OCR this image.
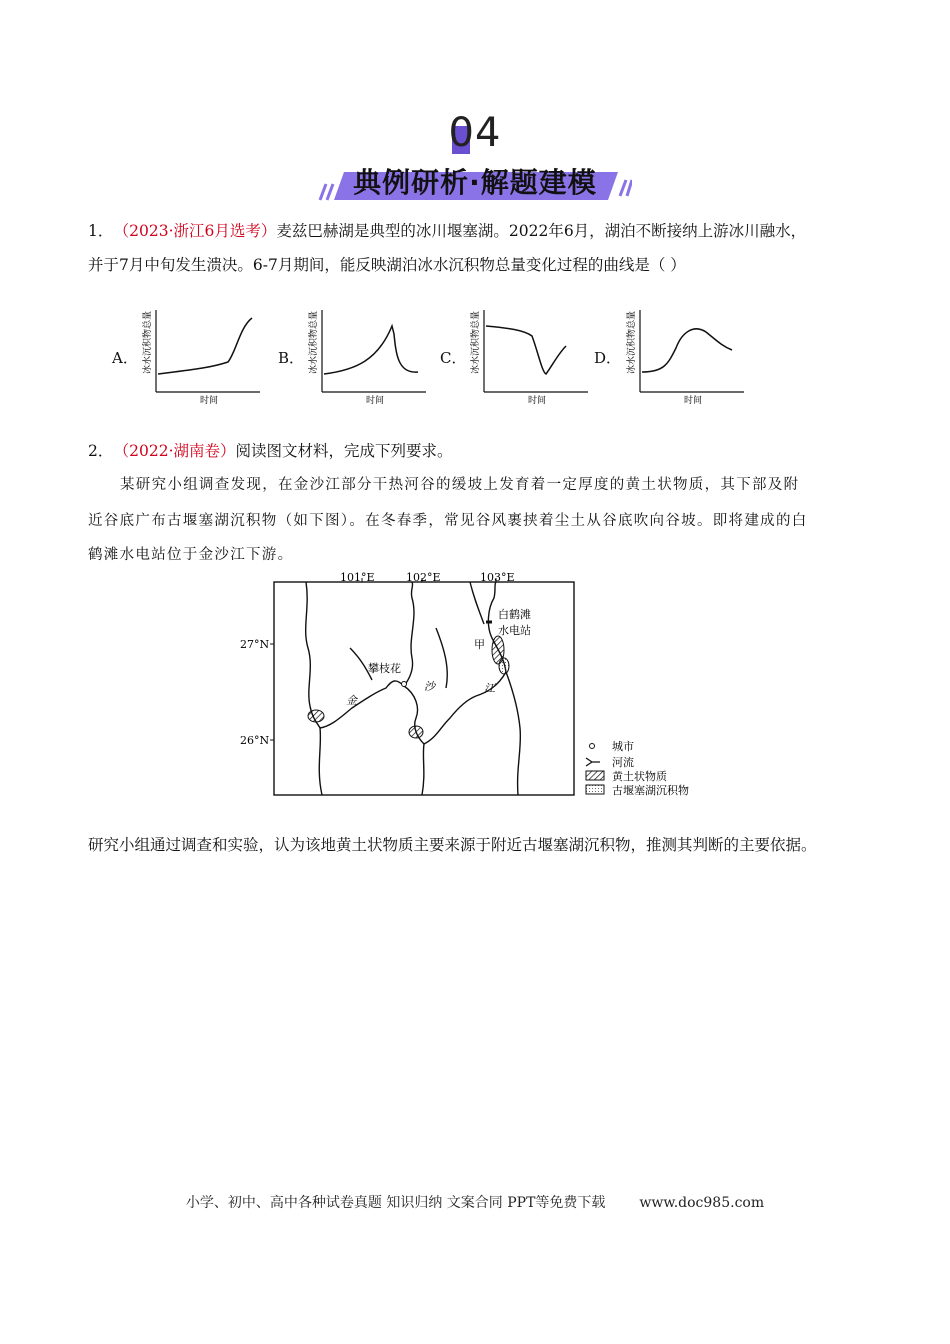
04
典例研析·解题建模
1． （2023·浙江6月选考）麦兹巴赫湖是典型的冰川堰塞湖。2022年6月，湖泊不断接纳上游冰川融水，
并于7月中旬发生溃决。6-7月期间，能反映湖泊冰水沉积物总量变化过程的曲线是（ ）
A． 冰水沉积物总量
时间
B． 冰水沉积物总量
时间
C． 冰水沉积物总量
时间
D． 冰水沉积物总量
时间
2． （2022·湖南卷）阅读图文材料，完成下列要求。
某研究小组调查发现，在金沙江部分干热河谷的缓坡上发育着一定厚度的黄土状物质，其下部及附
近谷底广布古堰塞湖沉积物（如下图）。在冬春季，常见谷风裹挟着尘土从谷底吹向谷坡。即将建成的白
鹤滩水电站位于金沙江下游。
101°E	102°E	103°E
27°N
26°N
白鹤滩
水电站
甲
攀枝花
金
沙	江
城市
河流
黄土状物质
古堰塞湖沉积物
研究小组通过调查和实验，认为该地黄土状物质主要来源于附近古堰塞湖沉积物，推测其判断的主要依据。
小学、初中、高中各种试卷真题 知识归纳 文案合同 PPT等免费下载 www.doc985.com
